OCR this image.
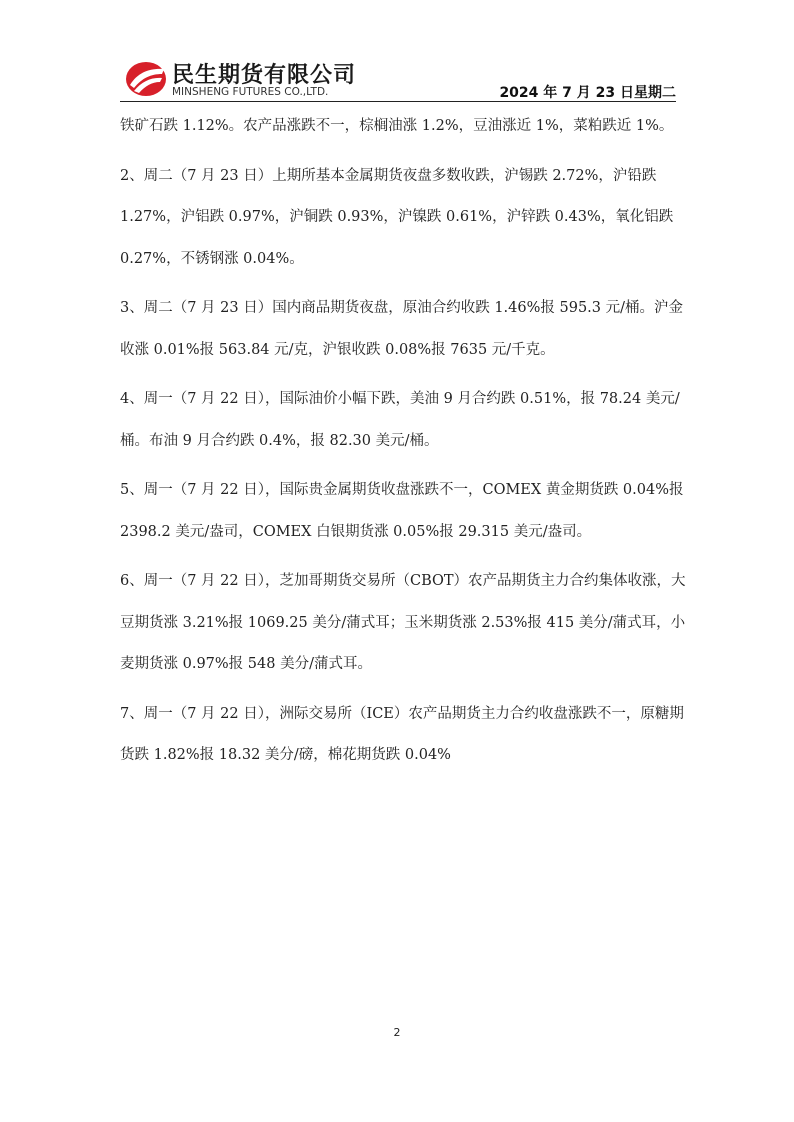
民生期货有限公司
MINSHENG FUTURES CO.,LTD.	2024 年 7 月 23 日星期二

铁矿石跌 1.12%。农产品涨跌不一，棕榈油涨 1.2%，豆油涨近 1%，菜粕跌近 1%。

2、周二（7 月 23 日）上期所基本金属期货夜盘多数收跌，沪锡跌 2.72%，沪铅跌 1.27%，沪铝跌 0.97%，沪铜跌 0.93%，沪镍跌 0.61%，沪锌跌 0.43%，氧化铝跌 0.27%，不锈钢涨 0.04%。

3、周二（7 月 23 日）国内商品期货夜盘，原油合约收跌 1.46%报 595.3 元/桶。沪金收涨 0.01%报 563.84 元/克，沪银收跌 0.08%报 7635 元/千克。

4、周一（7 月 22 日），国际油价小幅下跌，美油 9 月合约跌 0.51%，报 78.24 美元/桶。布油 9 月合约跌 0.4%，报 82.30 美元/桶。

5、周一（7 月 22 日），国际贵金属期货收盘涨跌不一，COMEX 黄金期货跌 0.04%报 2398.2 美元/盎司，COMEX 白银期货涨 0.05%报 29.315 美元/盎司。

6、周一（7 月 22 日），芝加哥期货交易所（CBOT）农产品期货主力合约集体收涨，大豆期货涨 3.21%报 1069.25 美分/蒲式耳；玉米期货涨 2.53%报 415 美分/蒲式耳，小麦期货涨 0.97%报 548 美分/蒲式耳。

7、周一（7 月 22 日），洲际交易所（ICE）农产品期货主力合约收盘涨跌不一，原糖期货跌 1.82%报 18.32 美分/磅，棉花期货跌 0.04%

2
